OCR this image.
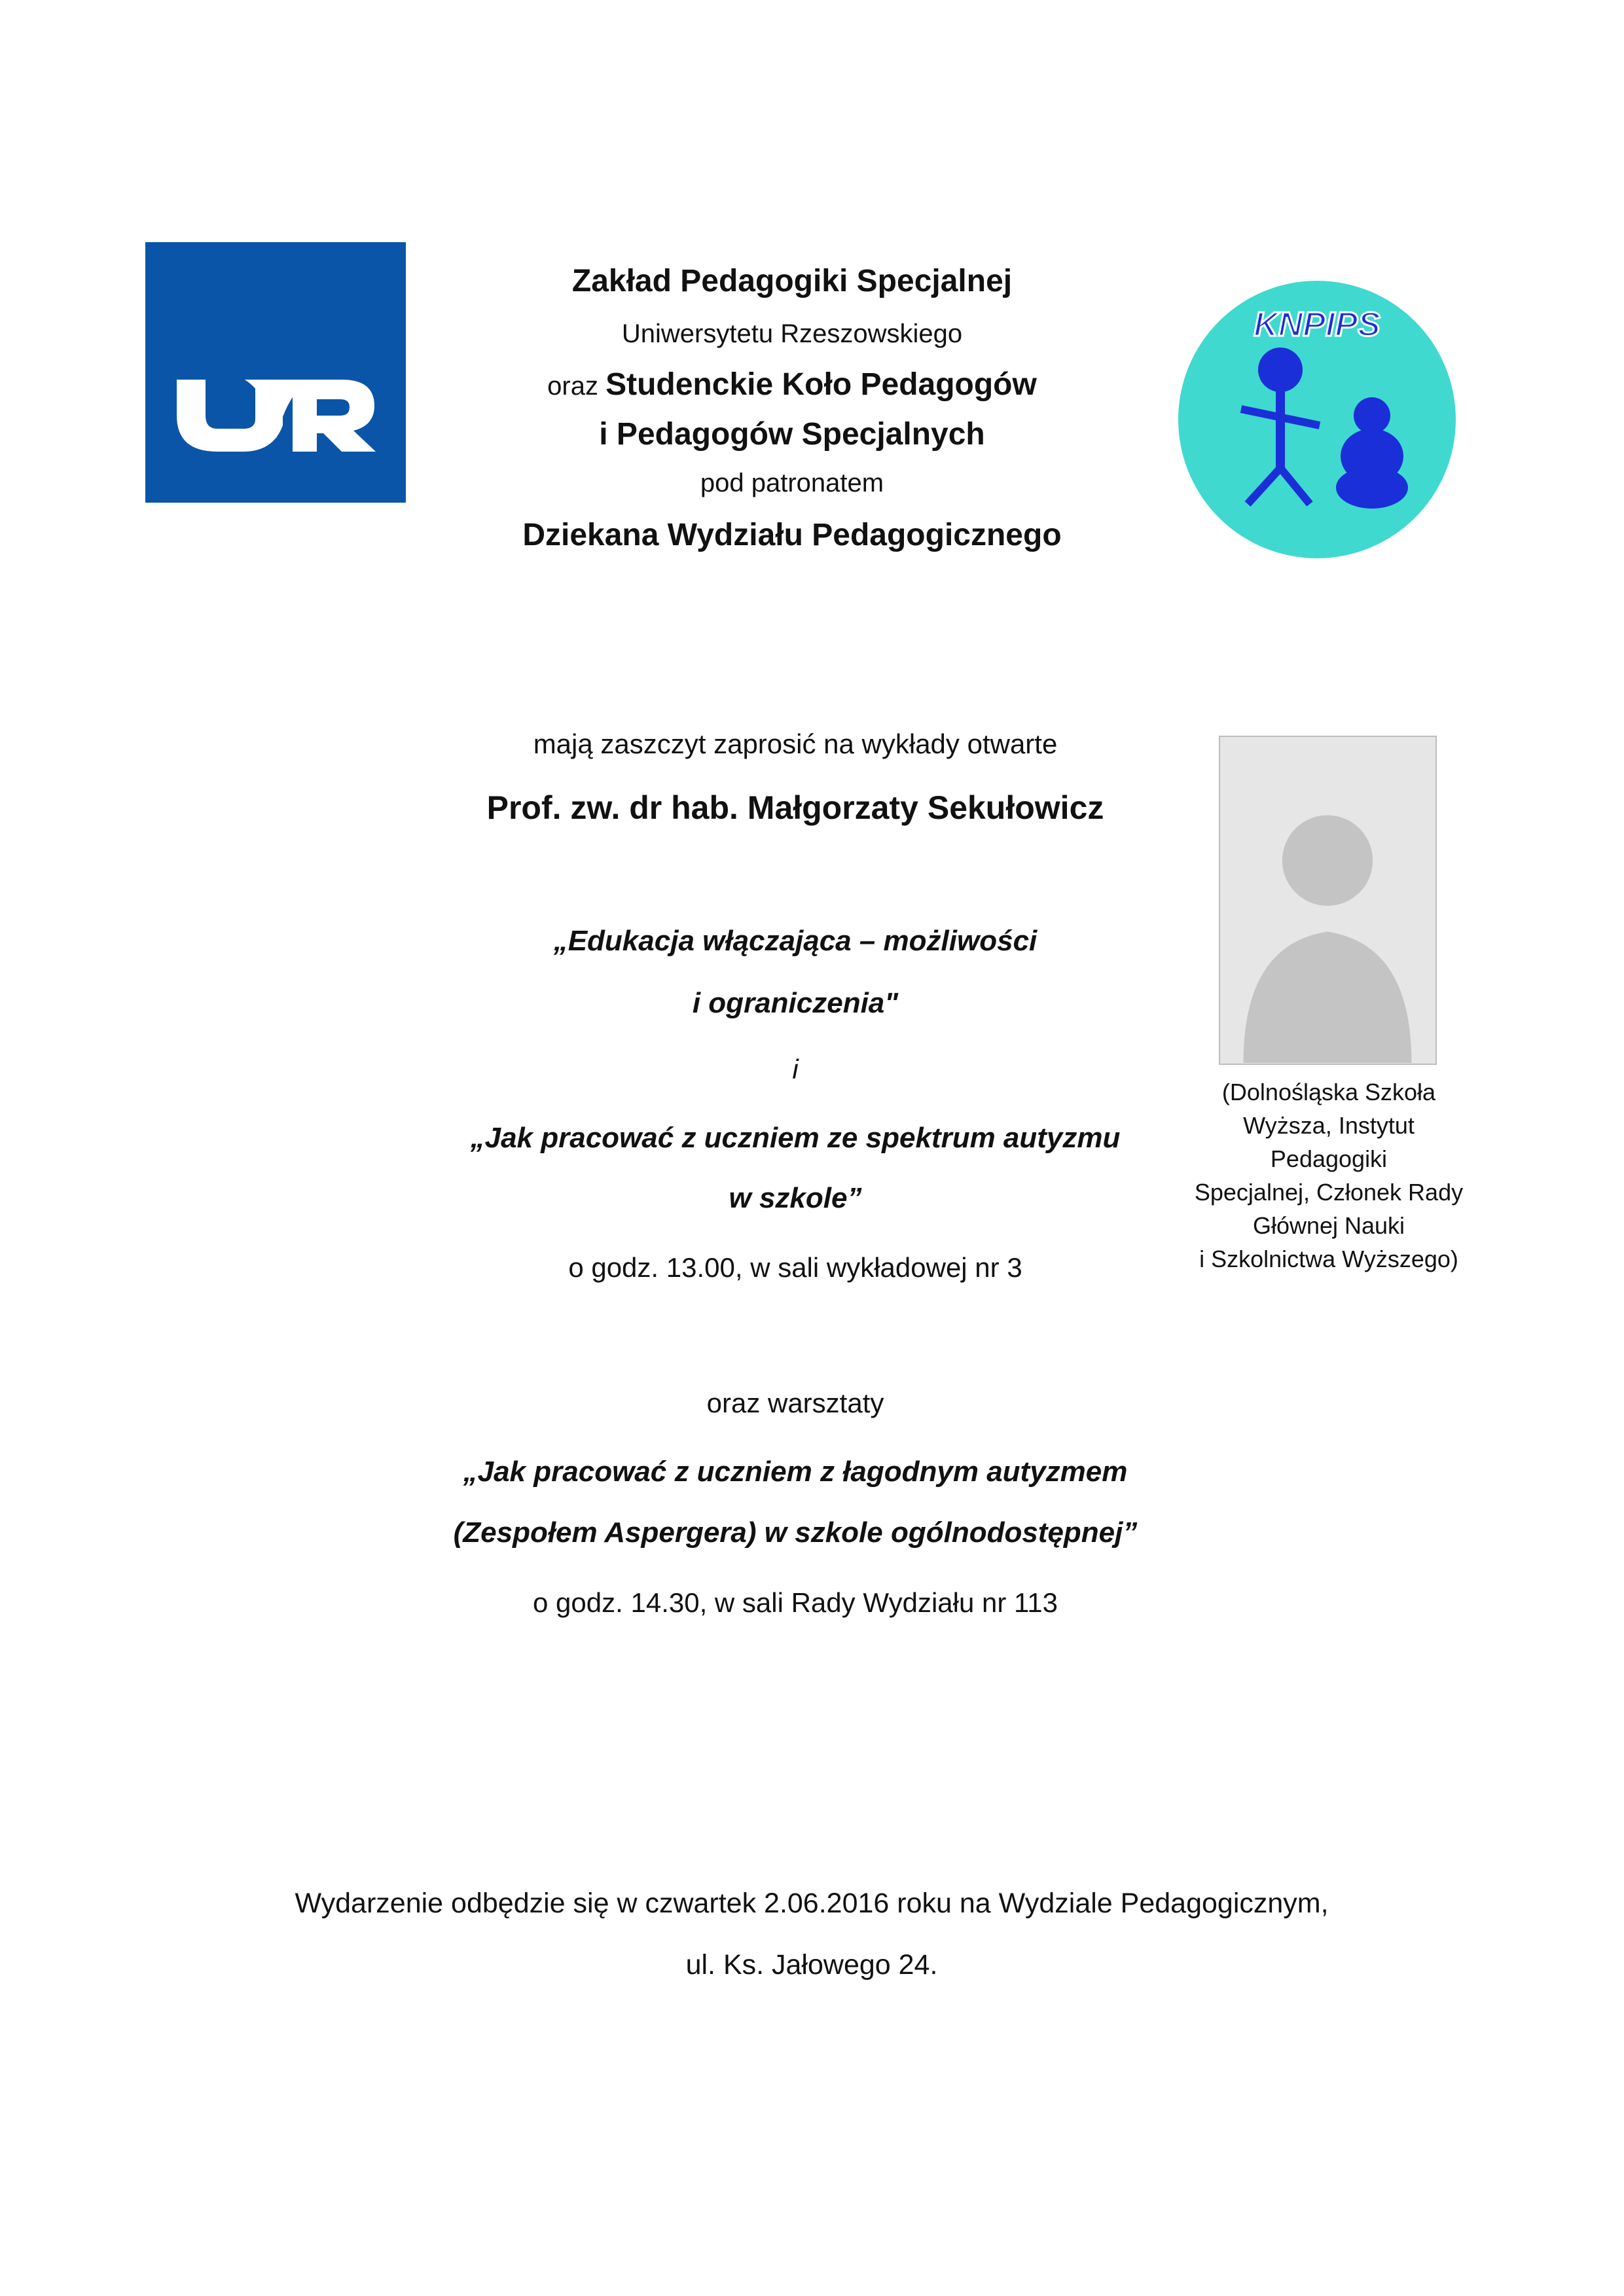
KNPIPS
Zakład Pedagogiki Specjalnej
Uniwersytetu Rzeszowskiego
oraz Studenckie Koło Pedagogów
i Pedagogów Specjalnych
pod patronatem
Dziekana Wydziału Pedagogicznego
mają zaszczyt zaprosić na wykłady otwarte
Prof. zw. dr hab. Małgorzaty Sekułowicz
„Edukacja włączająca – możliwości
i ograniczenia"
i
„Jak pracować z uczniem ze spektrum autyzmu
w szkole”
o godz. 13.00, w sali wykładowej nr 3
oraz warsztaty
„Jak pracować z uczniem z łagodnym autyzmem
(Zespołem Aspergera) w szkole ogólnodostępnej”
o godz. 14.30, w sali Rady Wydziału nr 113
(Dolnośląska Szkoła
Wyższa, Instytut
Pedagogiki
Specjalnej, Członek Rady
Głównej Nauki
i Szkolnictwa Wyższego)
Wydarzenie odbędzie się w czwartek 2.06.2016 roku na Wydziale Pedagogicznym,
ul. Ks. Jałowego 24.
